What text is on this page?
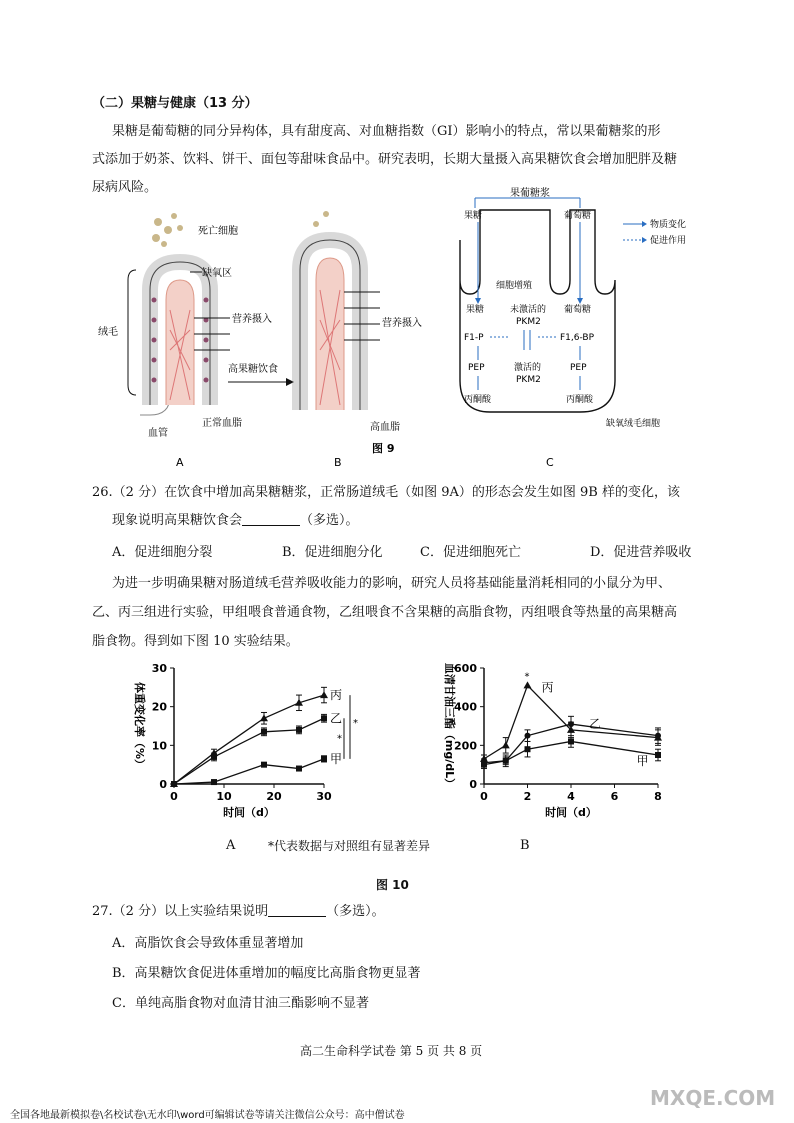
（二）果糖与健康（13 分）
果糖是葡萄糖的同分异构体，具有甜度高、对血糖指数（GI）影响小的特点，常以果葡糖浆的形
式添加于奶茶、饮料、饼干、面包等甜味食品中。研究表明，长期大量摄入高果糖饮食会增加肥胖及糖
尿病风险。
死亡细胞
缺氧区
绒毛
营养摄入
血管
正常血脂
A
高果糖饮食
营养摄入
高血脂
B
图 9
果葡糖浆
果糖	葡萄糖
物质变化
促进作用
细胞增殖
未激活的
PKM2
果糖	葡萄糖
F1-P	F1,6-BP
激活的
PKM2
PEP	PEP
丙酮酸	丙酮酸
缺氧绒毛细胞
C
26.（2 分）在饮食中增加高果糖糖浆，正常肠道绒毛（如图 9A）的形态会发生如图 9B 样的变化，该
现象说明高果糖饮食会	（多选）。
A．促进细胞分裂	B．促进细胞分化	C．促进细胞死亡	D．促进营养吸收
为进一步明确果糖对肠道绒毛营养吸收能力的影响，研究人员将基础能量消耗相同的小鼠分为甲、
乙、丙三组进行实验，甲组喂食普通食物，乙组喂食不含果糖的高脂食物，丙组喂食等热量的高果糖高
脂食物。得到如下图 10 实验结果。
0	10	20	30
0
10
20
30
时间（d）
体重变化率（%）	丙
乙
甲
*
*
0	2	4	6	8
0
200
400
600
时间（d）
血清甘油三酯（mg/dL）	丙
乙
甲
*
A	*代表数据与对照组有显著差异	B
图 10
27.（2 分）以上实验结果说明	（多选）。
A．高脂饮食会导致体重显著增加
B．高果糖饮食促进体重增加的幅度比高脂食物更显著
C．单纯高脂食物对血清甘油三酯影响不显著
高二生命科学试卷 第 5 页 共 8 页
全国各地最新模拟卷\名校试卷\无水印\word可编辑试卷等请关注微信公众号：高中僧试卷
MXQE.COM
